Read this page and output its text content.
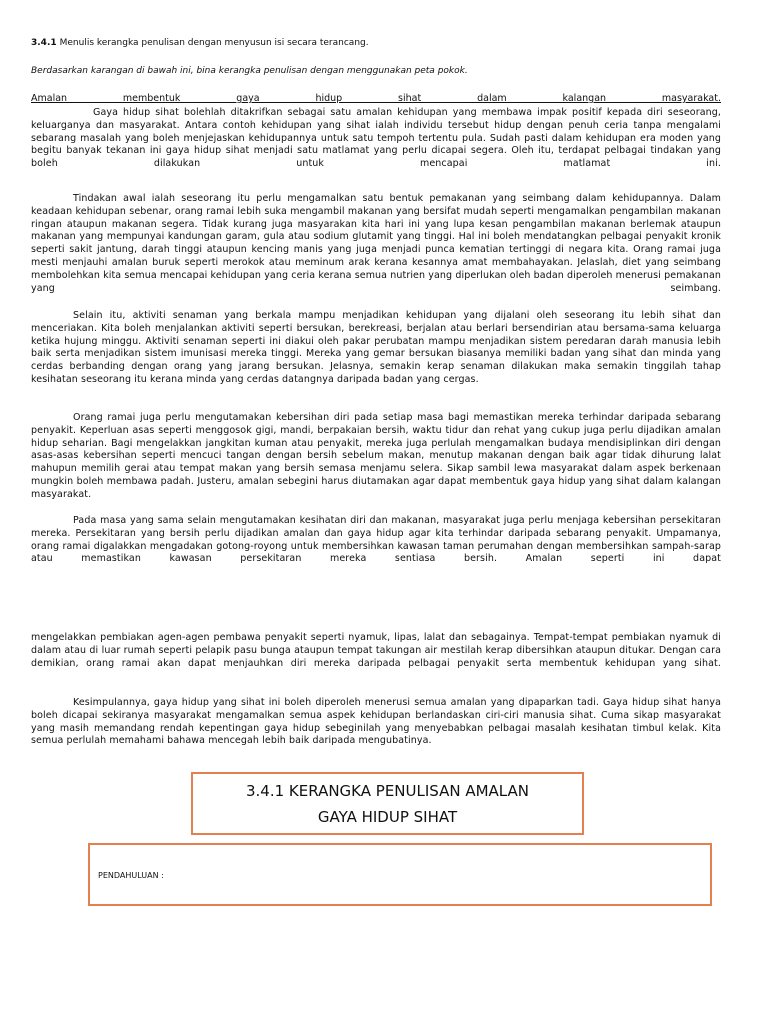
3.4.1 Menulis kerangka penulisan dengan menyusun isi secara terancang.
Berdasarkan karangan di bawah ini, bina kerangka penulisan dengan menggunakan peta pokok.
Amalan membentuk gaya hidup sihat dalam kalangan masyarakat.

Gaya hidup sihat bolehlah ditakrifkan sebagai satu amalan kehidupan yang membawa impak positif kepada diri seseorang, keluarganya dan masyarakat. Antara contoh kehidupan yang sihat ialah individu tersebut hidup dengan penuh ceria tanpa mengalami sebarang masalah yang boleh menjejaskan kehidupannya untuk satu tempoh tertentu pula. Sudah pasti dalam kehidupan era moden yang begitu banyak tekanan ini gaya hidup sihat menjadi satu matlamat yang perlu dicapai segera. Oleh itu, terdapat pelbagai tindakan yang boleh dilakukan untuk mencapai matlamat ini.

Tindakan awal ialah seseorang itu perlu mengamalkan satu bentuk pemakanan yang seimbang dalam kehidupannya. Dalam keadaan kehidupan sebenar, orang ramai lebih suka mengambil makanan yang bersifat mudah seperti mengamalkan pengambilan makanan ringan ataupun makanan segera. Tidak kurang juga masyarakan kita hari ini yang lupa kesan pengambilan makanan berlemak ataupun makanan yang mempunyai kandungan garam, gula atau sodium glutamit yang tinggi. Hal ini boleh mendatangkan pelbagai penyakit kronik seperti sakit jantung, darah tinggi ataupun kencing manis yang juga menjadi punca kematian tertinggi di negara kita. Orang ramai juga mesti menjauhi amalan buruk seperti merokok atau meminum arak kerana kesannya amat membahayakan. Jelaslah, diet yang seimbang membolehkan kita semua mencapai kehidupan yang ceria kerana semua nutrien yang diperlukan oleh badan diperoleh menerusi pemakanan yang seimbang.

Selain itu, aktiviti senaman yang berkala mampu menjadikan kehidupan yang dijalani oleh seseorang itu lebih sihat dan menceriakan. Kita boleh menjalankan aktiviti seperti bersukan, berekreasi, berjalan atau berlari bersendirian atau bersama-sama keluarga ketika hujung minggu. Aktiviti senaman seperti ini diakui oleh pakar perubatan mampu menjadikan sistem peredaran darah manusia lebih baik serta menjadikan sistem imunisasi mereka tinggi. Mereka yang gemar bersukan biasanya memiliki badan yang sihat dan minda yang cerdas berbanding dengan orang yang jarang bersukan. Jelasnya, semakin kerap senaman dilakukan maka semakin tinggilah tahap kesihatan seseorang itu kerana minda yang cerdas datangnya daripada badan yang cergas.

Orang ramai juga perlu mengutamakan kebersihan diri pada setiap masa bagi memastikan mereka terhindar daripada sebarang penyakit. Keperluan asas seperti menggosok gigi, mandi, berpakaian bersih, waktu tidur dan rehat yang cukup juga perlu dijadikan amalan hidup seharian. Bagi mengelakkan jangkitan kuman atau penyakit, mereka juga perlulah mengamalkan budaya mendisiplinkan diri dengan asas-asas kebersihan seperti mencuci tangan dengan bersih sebelum makan, menutup makanan dengan baik agar tidak dihurung lalat mahupun memilih gerai atau tempat makan yang bersih semasa menjamu selera. Sikap sambil lewa masyarakat dalam aspek berkenaan mungkin boleh membawa padah. Justeru, amalan sebegini harus diutamakan agar dapat membentuk gaya hidup yang sihat dalam kalangan masyarakat.

Pada masa yang sama selain mengutamakan kesihatan diri dan makanan, masyarakat juga perlu menjaga kebersihan persekitaran mereka. Persekitaran yang bersih perlu dijadikan amalan dan gaya hidup agar kita terhindar daripada sebarang penyakit. Umpamanya, orang ramai digalakkan mengadakan gotong-royong untuk membersihkan kawasan taman perumahan dengan membersihkan sampah-sarap atau memastikan kawasan persekitaran mereka sentiasa bersih. Amalan seperti ini dapat

mengelakkan pembiakan agen-agen pembawa penyakit seperti nyamuk, lipas, lalat dan sebagainya. Tempat-tempat pembiakan nyamuk di dalam atau di luar rumah seperti pelapik pasu bunga ataupun tempat takungan air mestilah kerap dibersihkan ataupun ditukar. Dengan cara demikian, orang ramai akan dapat menjauhkan diri mereka daripada pelbagai penyakit serta membentuk kehidupan yang sihat.

Kesimpulannya, gaya hidup yang sihat ini boleh diperoleh menerusi semua amalan yang dipaparkan tadi. Gaya hidup sihat hanya boleh dicapai sekiranya masyarakat mengamalkan semua aspek kehidupan berlandaskan ciri-ciri manusia sihat. Cuma sikap masyarakat yang masih memandang rendah kepentingan gaya hidup sebeginilah yang menyebabkan pelbagai masalah kesihatan timbul kelak. Kita semua perlulah memahami bahawa mencegah lebih baik daripada mengubatinya.

3.4.1 KERANGKA PENULISAN AMALAN GAYA HIDUP SIHAT
PENDAHULUAN :
